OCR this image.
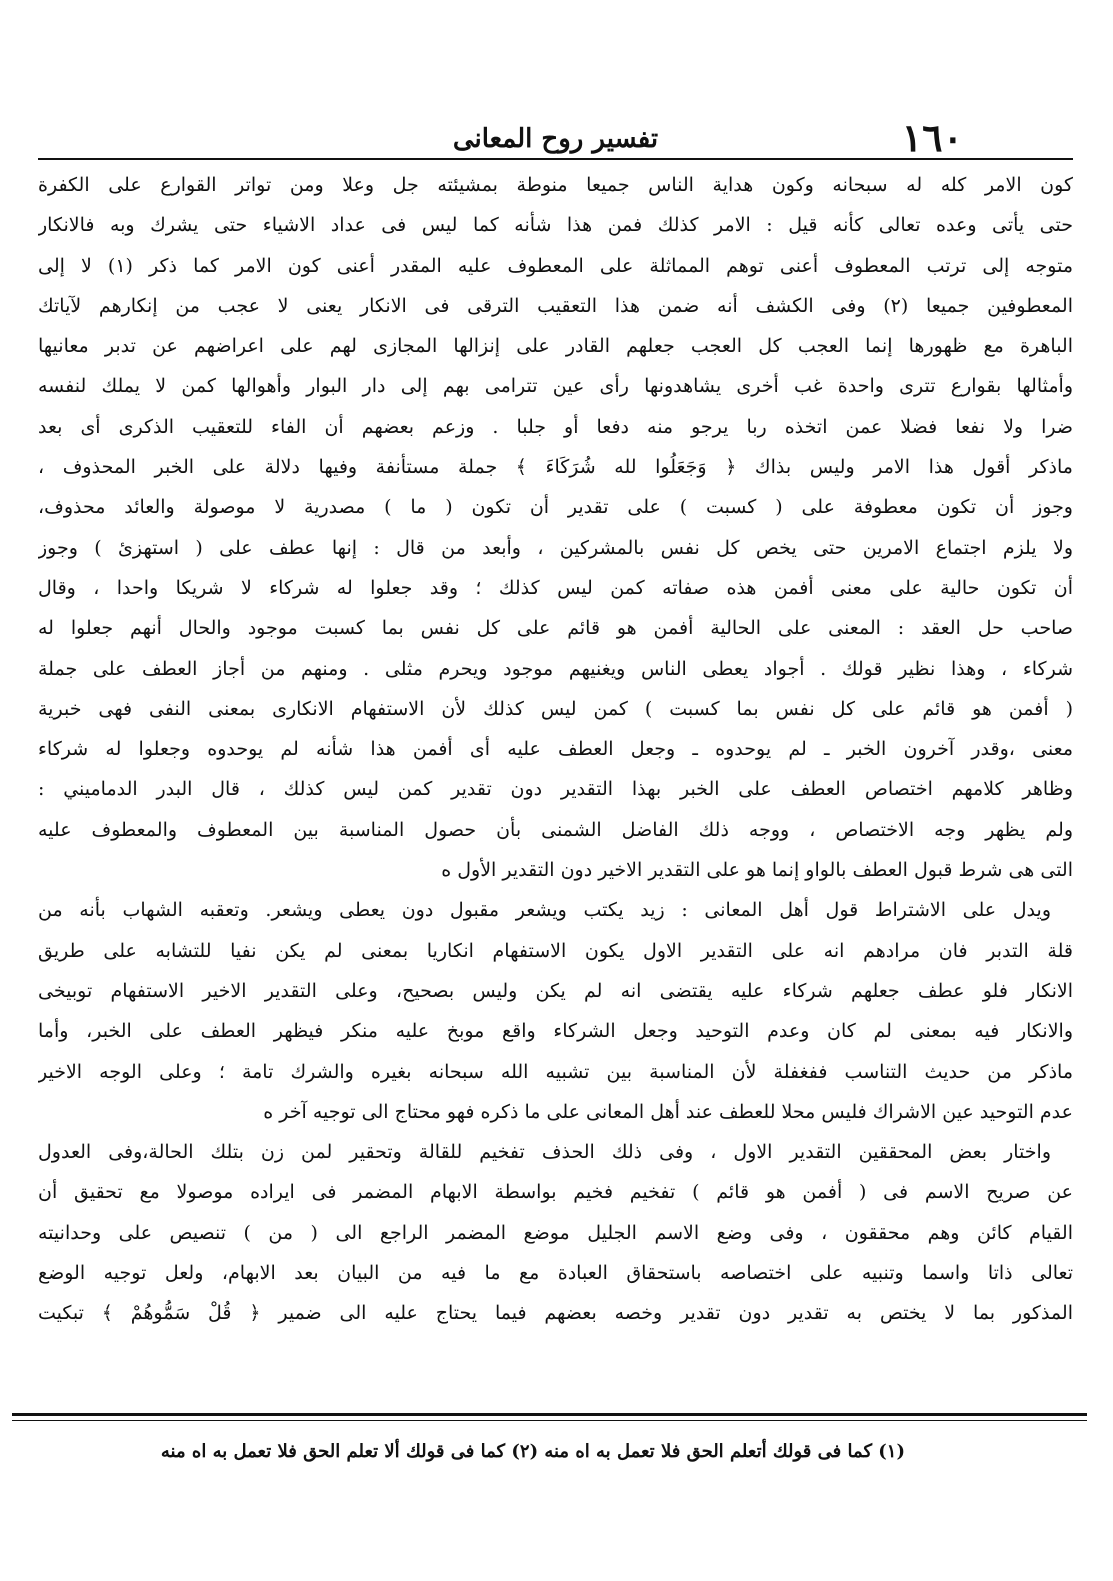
١٦٠
تفسير روح المعانى
كون الامر كله له سبحانه وكون هداية الناس جميعا منوطة بمشيئته جل وعلا ومن تواتر القوارع على الكفرة
حتى يأتى وعده تعالى كأنه قيل : الامر كذلك فمن هذا شأنه كما ليس فى عداد الاشياء حتى يشرك وبه فالانكار
متوجه إلى ترتب المعطوف أعنى توهم المماثلة على المعطوف عليه المقدر أعنى كون الامر كما ذكر (١) لا إلى
المعطوفين جميعا (٢) وفى الكشف أنه ضمن هذا التعقيب الترقى فى الانكار يعنى لا عجب من إنكارهم لآياتك
الباهرة مع ظهورها إنما العجب كل العجب جعلهم القادر على إنزالها المجازى لهم على اعراضهم عن تدبر معانيها
وأمثالها بقوارع تترى واحدة غب أخرى يشاهدونها رأى عين تترامى بهم إلى دار البوار وأهوالها كمن لا يملك لنفسه
ضرا ولا نفعا فضلا عمن اتخذه ربا يرجو منه دفعا أو جلبا . وزعم بعضهم أن الفاء للتعقيب الذكرى أى بعد
ماذكر أقول هذا الامر وليس بذاك ﴿ وَجَعَلُوا لله شُرَكَاءَ ﴾ جملة مستأنفة وفيها دلالة على الخبر المحذوف ،
وجوز أن تكون معطوفة على ( كسبت ) على تقدير أن تكون ( ما ) مصدرية لا موصولة والعائد محذوف،
ولا يلزم اجتماع الامرين حتى يخص كل نفس بالمشركين ، وأبعد من قال : إنها عطف على ( استهزئ ) وجوز
أن تكون حالية على معنى أفمن هذه صفاته كمن ليس كذلك ؛ وقد جعلوا له شركاء لا شريكا واحدا ، وقال
صاحب حل العقد : المعنى على الحالية أفمن هو قائم على كل نفس بما كسبت موجود والحال أنهم جعلوا له
شركاء ، وهذا نظير قولك . أجواد يعطى الناس ويغنيهم موجود ويحرم مثلى . ومنهم من أجاز العطف على جملة
( أفمن هو قائم على كل نفس بما كسبت ) كمن ليس كذلك لأن الاستفهام الانكارى بمعنى النفى فهى خبرية
معنى ،وقدر آخرون الخبر ـ لم يوحدوه ـ وجعل العطف عليه أى أفمن هذا شأنه لم يوحدوه وجعلوا له شركاء
وظاهر كلامهم اختصاص العطف على الخبر بهذا التقدير دون تقدير كمن ليس كذلك ، قال البدر الدماميني :
ولم يظهر وجه الاختصاص ، ووجه ذلك الفاضل الشمنى بأن حصول المناسبة بين المعطوف والمعطوف عليه
التى هى شرط قبول العطف بالواو إنما هو على التقدير الاخير دون التقدير الأول ه
ويدل على الاشتراط قول أهل المعانى : زيد يكتب ويشعر مقبول دون يعطى ويشعر. وتعقبه الشهاب بأنه من
قلة التدبر فان مرادهم انه على التقدير الاول يكون الاستفهام انكاريا بمعنى لم يكن نفيا للتشابه على طريق
الانكار فلو عطف جعلهم شركاء عليه يقتضى انه لم يكن وليس بصحيح، وعلى التقدير الاخير الاستفهام توبيخى
والانكار فيه بمعنى لم كان وعدم التوحيد وجعل الشركاء واقع موبخ عليه منكر فيظهر العطف على الخبر، وأما
ماذكر من حديث التناسب ففغفلة لأن المناسبة بين تشبيه الله سبحانه بغيره والشرك تامة ؛ وعلى الوجه الاخير
عدم التوحيد عين الاشراك فليس محلا للعطف عند أهل المعانى على ما ذكره فهو محتاج الى توجيه آخر ه
واختار بعض المحققين التقدير الاول ، وفى ذلك الحذف تفخيم للقالة وتحقير لمن زن بتلك الحالة،وفى العدول
عن صريح الاسم فى ( أفمن هو قائم ) تفخيم فخيم بواسطة الابهام المضمر فى ايراده موصولا مع تحقيق أن
القيام كائن وهم محققون ، وفى وضع الاسم الجليل موضع المضمر الراجع الى ( من ) تنصيص على وحدانيته
تعالى ذاتا واسما وتنبيه على اختصاصه باستحقاق العبادة مع ما فيه من البيان بعد الابهام، ولعل توجيه الوضع
المذكور بما لا يختص به تقدير دون تقدير وخصه بعضهم فيما يحتاج عليه الى ضمير ﴿ قُلْ سَمُّوهُمْ ﴾ تبكيت
(١) كما فى قولك أتعلم الحق فلا تعمل به اه منه (٢) كما فى قولك ألا تعلم الحق فلا تعمل به اه منه
